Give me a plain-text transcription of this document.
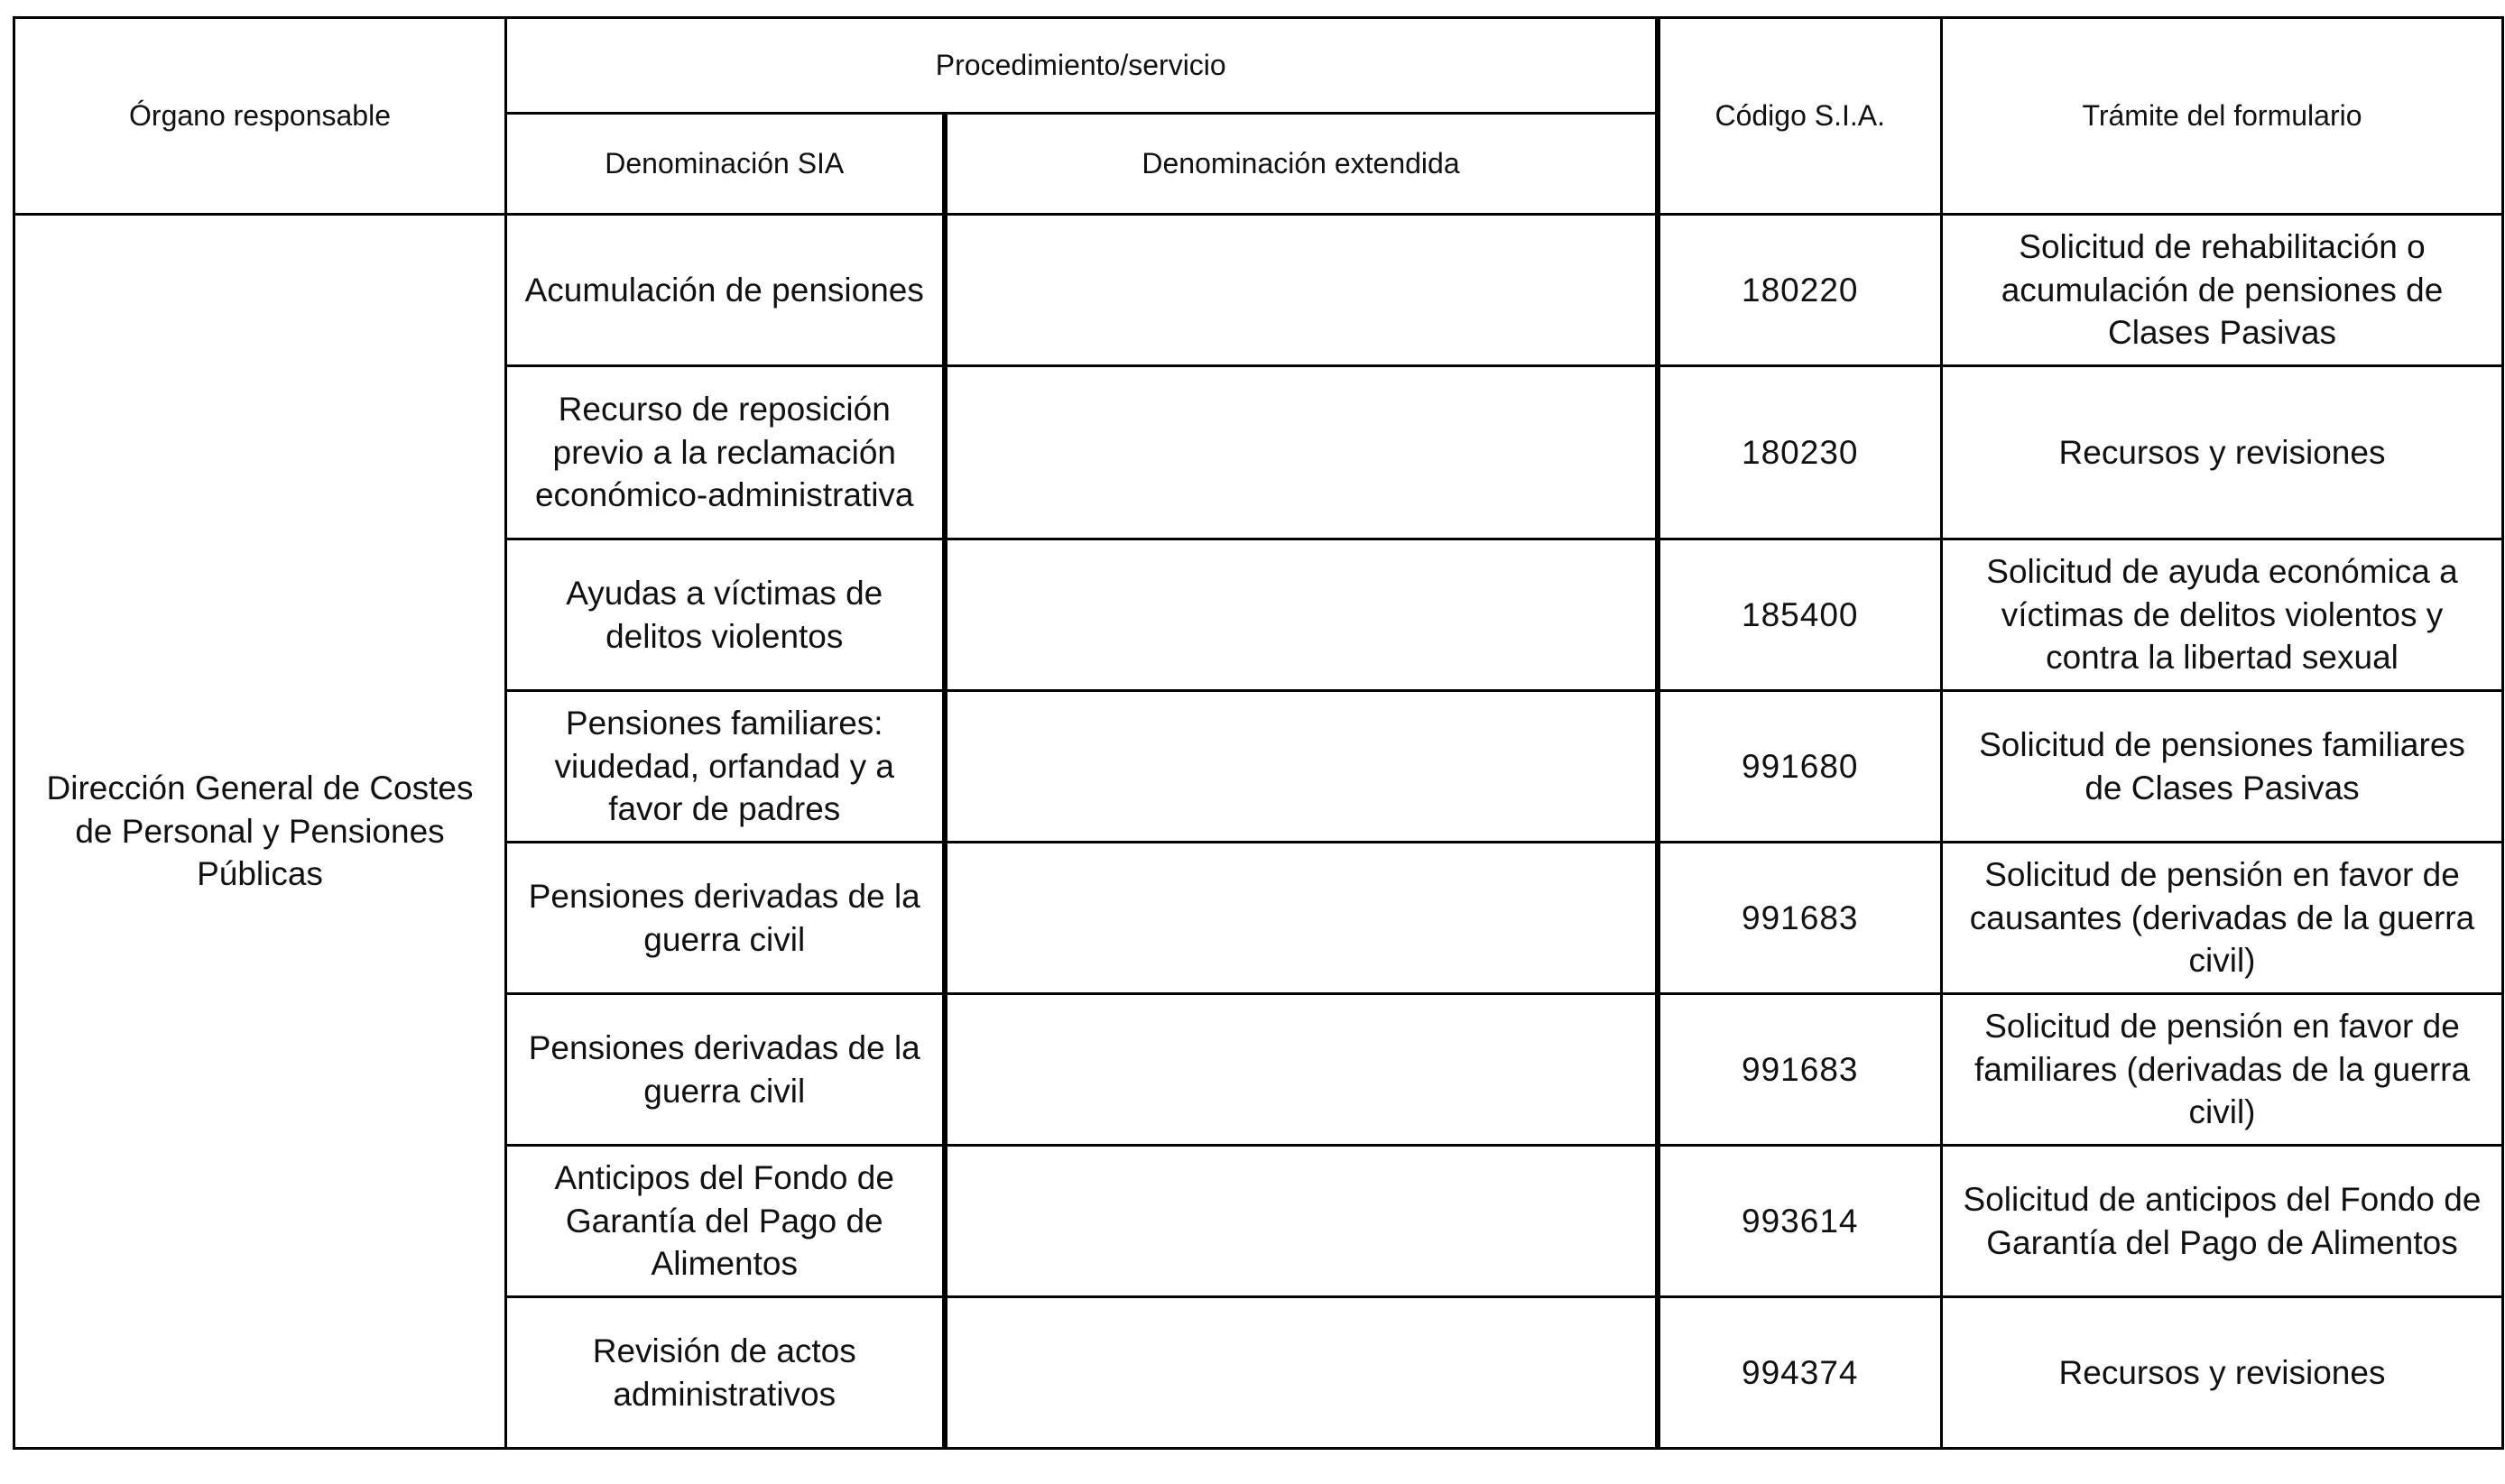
Órgano responsable	Procedimiento/servicio		Código S.I.A.	Trámite del formulario
	Denominación SIA	Denominación extendida		
Dirección General de Costes de Personal y Pensiones Públicas	Acumulación de pensiones		180220	Solicitud de rehabilitación o acumulación de pensiones de Clases Pasivas
	Recurso de reposición previo a la reclamación económico-administrativa		180230	Recursos y revisiones
	Ayudas a víctimas de delitos violentos		185400	Solicitud de ayuda económica a víctimas de delitos violentos y contra la libertad sexual
	Pensiones familiares: viudedad, orfandad y a favor de padres		991680	Solicitud de pensiones familiares de Clases Pasivas
	Pensiones derivadas de la guerra civil		991683	Solicitud de pensión en favor de causantes (derivadas de la guerra civil)
	Pensiones derivadas de la guerra civil		991683	Solicitud de pensión en favor de familiares (derivadas de la guerra civil)
	Anticipos del Fondo de Garantía del Pago de Alimentos		993614	Solicitud de anticipos del Fondo de Garantía del Pago de Alimentos
	Revisión de actos administrativos		994374	Recursos y revisiones
